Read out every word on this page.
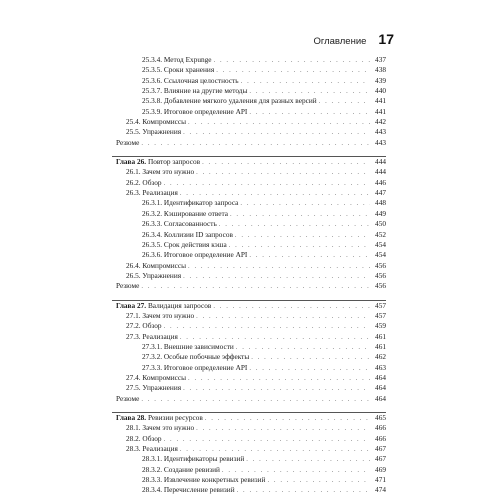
Оглавление 17
25.3.4. Метод Expunge . . .	437
25.3.5. Сроки хранения . . .	438
25.3.6. Ссылочная целостность . . .	439
25.3.7. Влияние на другие методы . . .	440
25.3.8. Добавление мягкого удаления для разных версий . . .	441
25.3.9. Итоговое определение API . . .	441
25.4. Компромиссы . . .	442
25.5. Упражнения . . .	443
Резюме . . .	443
Глава 26. Повтор запросов . . .	444
26.1. Зачем это нужно . . .	444
26.2. Обзор . . .	446
26.3. Реализация . . .	447
26.3.1. Идентификатор запроса . . .	448
26.3.2. Кэширование ответа . . .	449
26.3.3. Согласованность . . .	450
26.3.4. Коллизии ID запросов . . .	452
26.3.5. Срок действия кэша . . .	454
26.3.6. Итоговое определение API . . .	454
26.4. Компромиссы . . .	456
26.5. Упражнения . . .	456
Резюме . . .	456
Глава 27. Валидация запросов . . .	457
27.1. Зачем это нужно . . .	457
27.2. Обзор . . .	459
27.3. Реализация . . .	461
27.3.1. Внешние зависимости . . .	461
27.3.2. Особые побочные эффекты . . .	462
27.3.3. Итоговое определение API . . .	463
27.4. Компромиссы . . .	464
27.5. Упражнения . . .	464
Резюме . . .	464
Глава 28. Ревизии ресурсов . . .	465
28.1. Зачем это нужно . . .	466
28.2. Обзор . . .	466
28.3. Реализация . . .	467
28.3.1. Идентификаторы ревизий . . .	467
28.3.2. Создание ревизий . . .	469
28.3.3. Извлечение конкретных ревизий . . .	471
28.3.4. Перечисление ревизий . . .	474
